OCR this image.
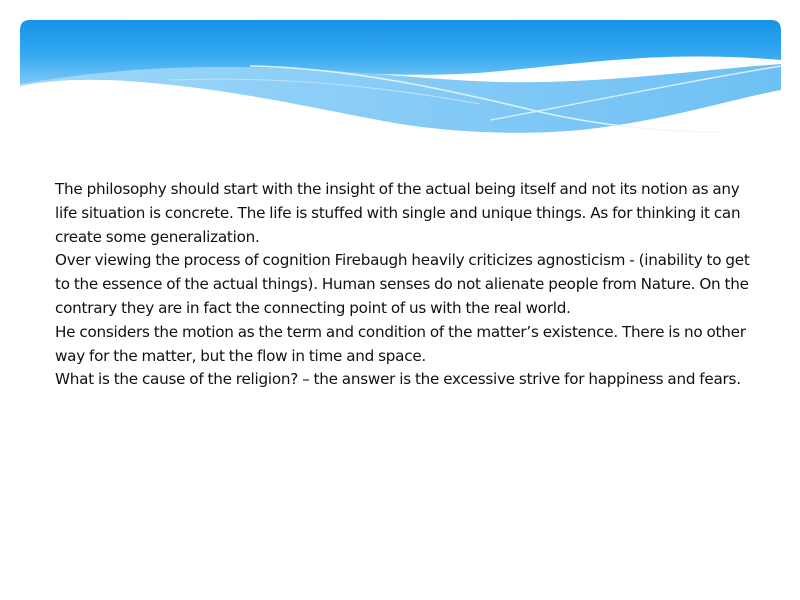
The philosophy should start with the insight of the actual being itself and not its notion as any life situation is concrete. The life is stuffed with single and unique things. As for thinking it can create some generalization.

Over viewing the process of cognition Firebaugh heavily criticizes agnosticism - (inability to get to the essence of the actual things). Human senses do not alienate people from Nature. On the contrary they are in fact the connecting point of us with the real world.

He considers the motion as the term and condition of the matter’s existence. There is no other way for the matter, but the flow in time and space.

What is the cause of the religion? – the answer is the excessive strive for happiness and fears.
